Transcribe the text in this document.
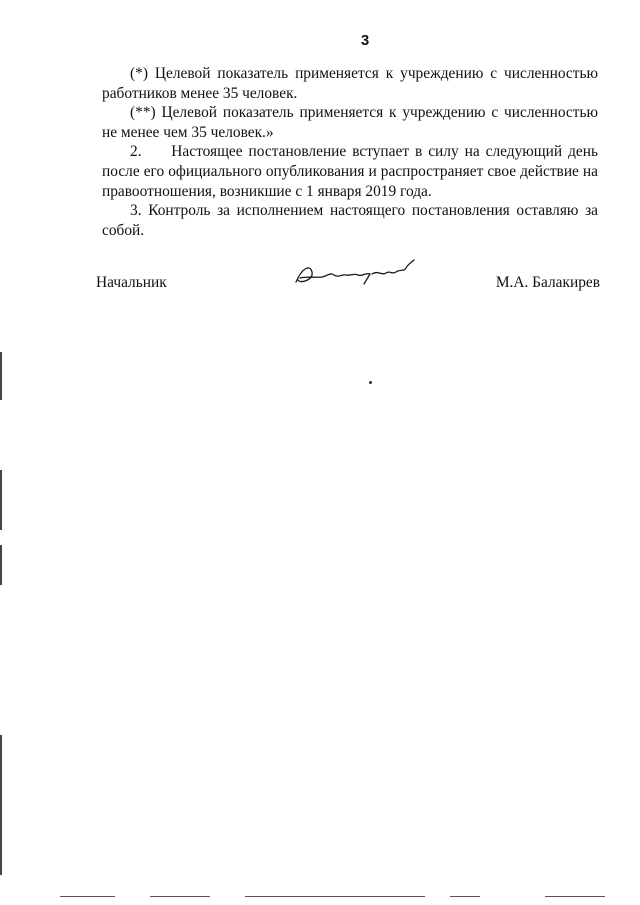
3

(*) Целевой показатель применяется к учреждению с численностью работников менее 35 человек.

(**) Целевой показатель применяется к учреждению с численностью не менее чем 35 человек.»

2.     Настоящее постановление вступает в силу на следующий день после его официального опубликования и распространяет свое действие на правоотношения, возникшие с 1 января 2019 года.

3. Контроль за исполнением настоящего постановления оставляю за собой.

Начальник	М.А. Балакирев
